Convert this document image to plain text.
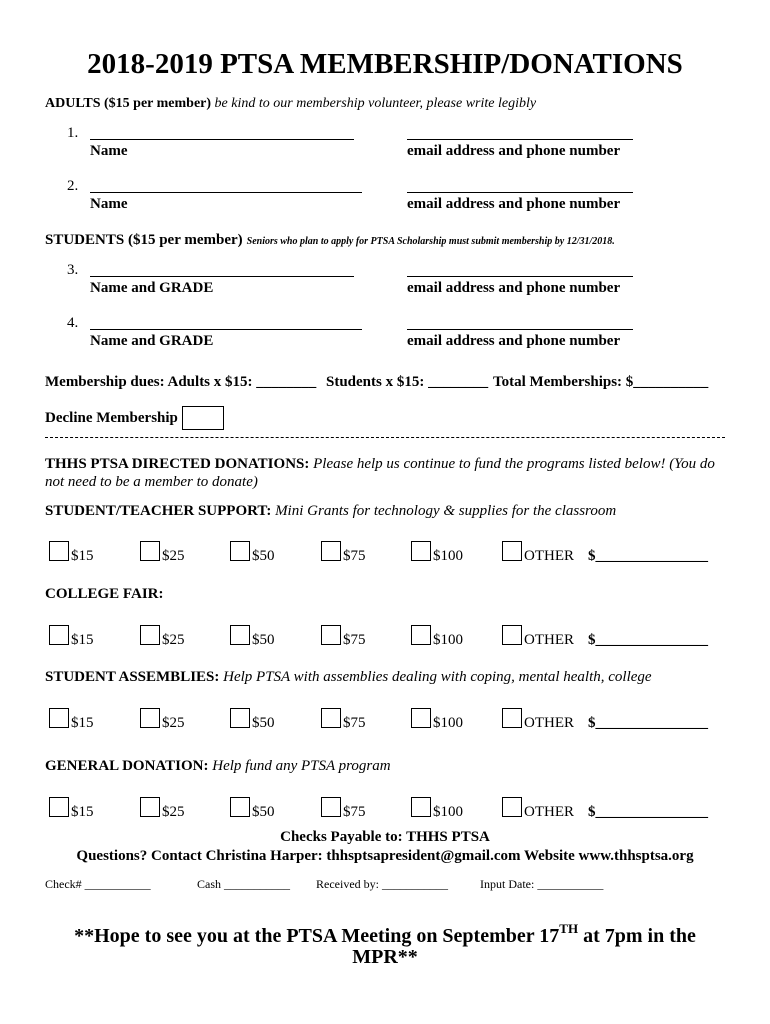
2018-2019 PTSA MEMBERSHIP/DONATIONS
ADULTS ($15 per member) be kind to our membership volunteer, please write legibly
1.
Name	email address and phone number
2.
Name	email address and phone number
STUDENTS ($15 per member) Seniors who plan to apply for PTSA Scholarship must submit membership by 12/31/2018.
3.
Name and GRADE	email address and phone number
4.
Name and GRADE	email address and phone number
Membership dues: Adults x $15: ________ Students x $15: ________ Total Memberships: $__________
Decline Membership
THHS PTSA DIRECTED DONATIONS: Please help us continue to fund the programs listed below! (You do not need to be a member to donate)
STUDENT/TEACHER SUPPORT: Mini Grants for technology & supplies for the classroom
$15	$25	$50	$75	$100	OTHER $_______________
COLLEGE FAIR:
$15	$25	$50	$75	$100	OTHER $_______________
STUDENT ASSEMBLIES: Help PTSA with assemblies dealing with coping, mental health, college
$15	$25	$50	$75	$100	OTHER $_______________
GENERAL DONATION: Help fund any PTSA program
$15	$25	$50	$75	$100	OTHER $_______________
Checks Payable to: THHS PTSA
Questions? Contact Christina Harper: thhsptsapresident@gmail.com Website www.thhsptsa.org
Check# ___________	Cash ___________ Received by: ___________	Input Date: ___________
**Hope to see you at the PTSA Meeting on September 17TH at 7pm in the
MPR**
